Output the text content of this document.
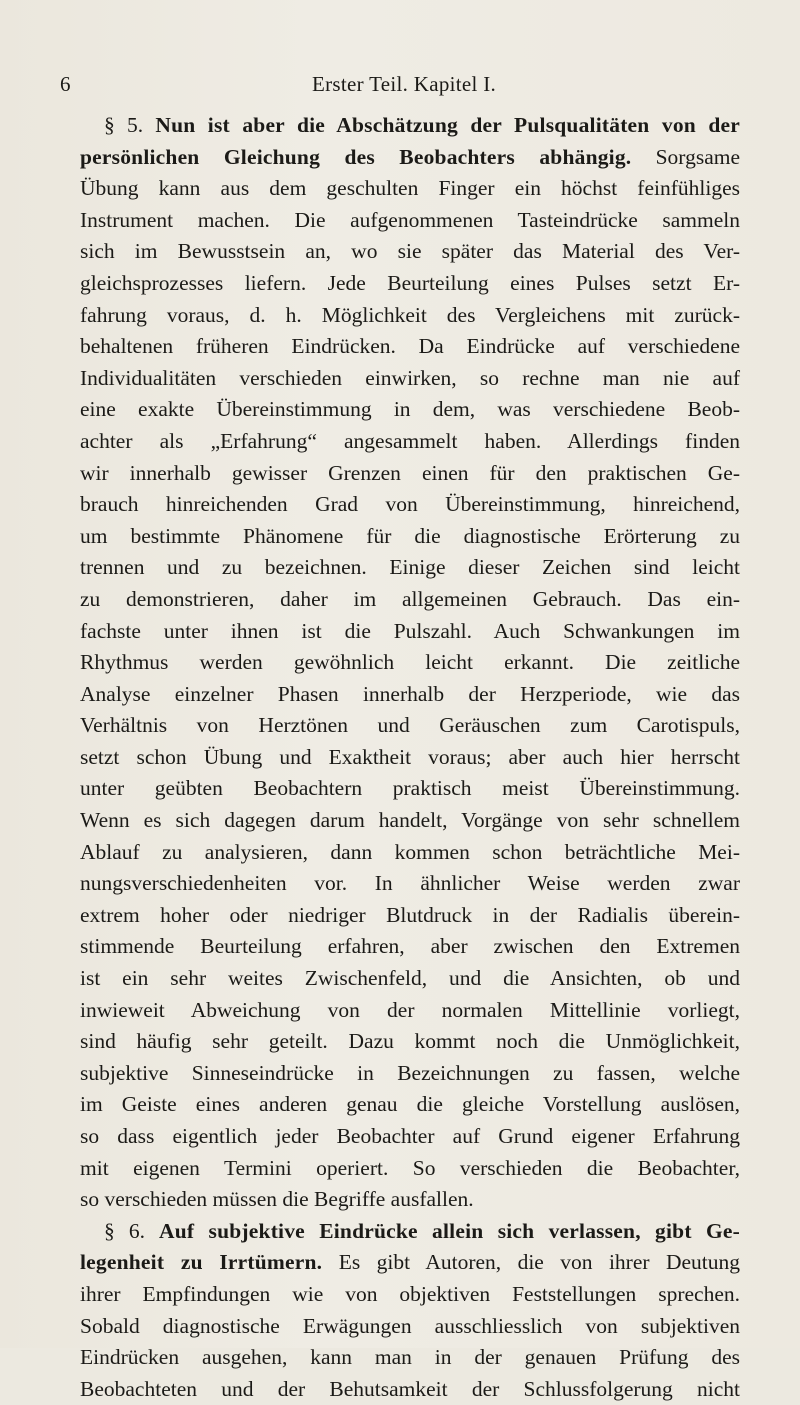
6	Erster Teil. Kapitel I.
§ 5. Nun ist aber die Abschätzung der Pulsqualitäten von der
persönlichen Gleichung des Beobachters abhängig. Sorgsame
Übung kann aus dem geschulten Finger ein höchst feinfühliges
Instrument machen. Die aufgenommenen Tasteindrücke sammeln
sich im Bewusstsein an, wo sie später das Material des Ver-
gleichsprozesses liefern. Jede Beurteilung eines Pulses setzt Er-
fahrung voraus, d. h. Möglichkeit des Vergleichens mit zurück-
behaltenen früheren Eindrücken. Da Eindrücke auf verschiedene
Individualitäten verschieden einwirken, so rechne man nie auf
eine exakte Übereinstimmung in dem, was verschiedene Beob-
achter als „Erfahrung“ angesammelt haben. Allerdings finden
wir innerhalb gewisser Grenzen einen für den praktischen Ge-
brauch hinreichenden Grad von Übereinstimmung, hinreichend,
um bestimmte Phänomene für die diagnostische Erörterung zu
trennen und zu bezeichnen. Einige dieser Zeichen sind leicht
zu demonstrieren, daher im allgemeinen Gebrauch. Das ein-
fachste unter ihnen ist die Pulszahl. Auch Schwankungen im
Rhythmus werden gewöhnlich leicht erkannt. Die zeitliche
Analyse einzelner Phasen innerhalb der Herzperiode, wie das
Verhältnis von Herztönen und Geräuschen zum Carotispuls,
setzt schon Übung und Exaktheit voraus; aber auch hier herrscht
unter geübten Beobachtern praktisch meist Übereinstimmung.
Wenn es sich dagegen darum handelt, Vorgänge von sehr schnellem
Ablauf zu analysieren, dann kommen schon beträchtliche Mei-
nungsverschiedenheiten vor. In ähnlicher Weise werden zwar
extrem hoher oder niedriger Blutdruck in der Radialis überein-
stimmende Beurteilung erfahren, aber zwischen den Extremen
ist ein sehr weites Zwischenfeld, und die Ansichten, ob und
inwieweit Abweichung von der normalen Mittellinie vorliegt,
sind häufig sehr geteilt. Dazu kommt noch die Unmöglichkeit,
subjektive Sinneseindrücke in Bezeichnungen zu fassen, welche
im Geiste eines anderen genau die gleiche Vorstellung auslösen,
so dass eigentlich jeder Beobachter auf Grund eigener Erfahrung
mit eigenen Termini operiert. So verschieden die Beobachter,
so verschieden müssen die Begriffe ausfallen.
§ 6. Auf subjektive Eindrücke allein sich verlassen, gibt Ge-
legenheit zu Irrtümern. Es gibt Autoren, die von ihrer Deutung
ihrer Empfindungen wie von objektiven Feststellungen sprechen.
Sobald diagnostische Erwägungen ausschliesslich von subjektiven
Eindrücken ausgehen, kann man in der genauen Prüfung des
Beobachteten und der Behutsamkeit der Schlussfolgerung nicht
